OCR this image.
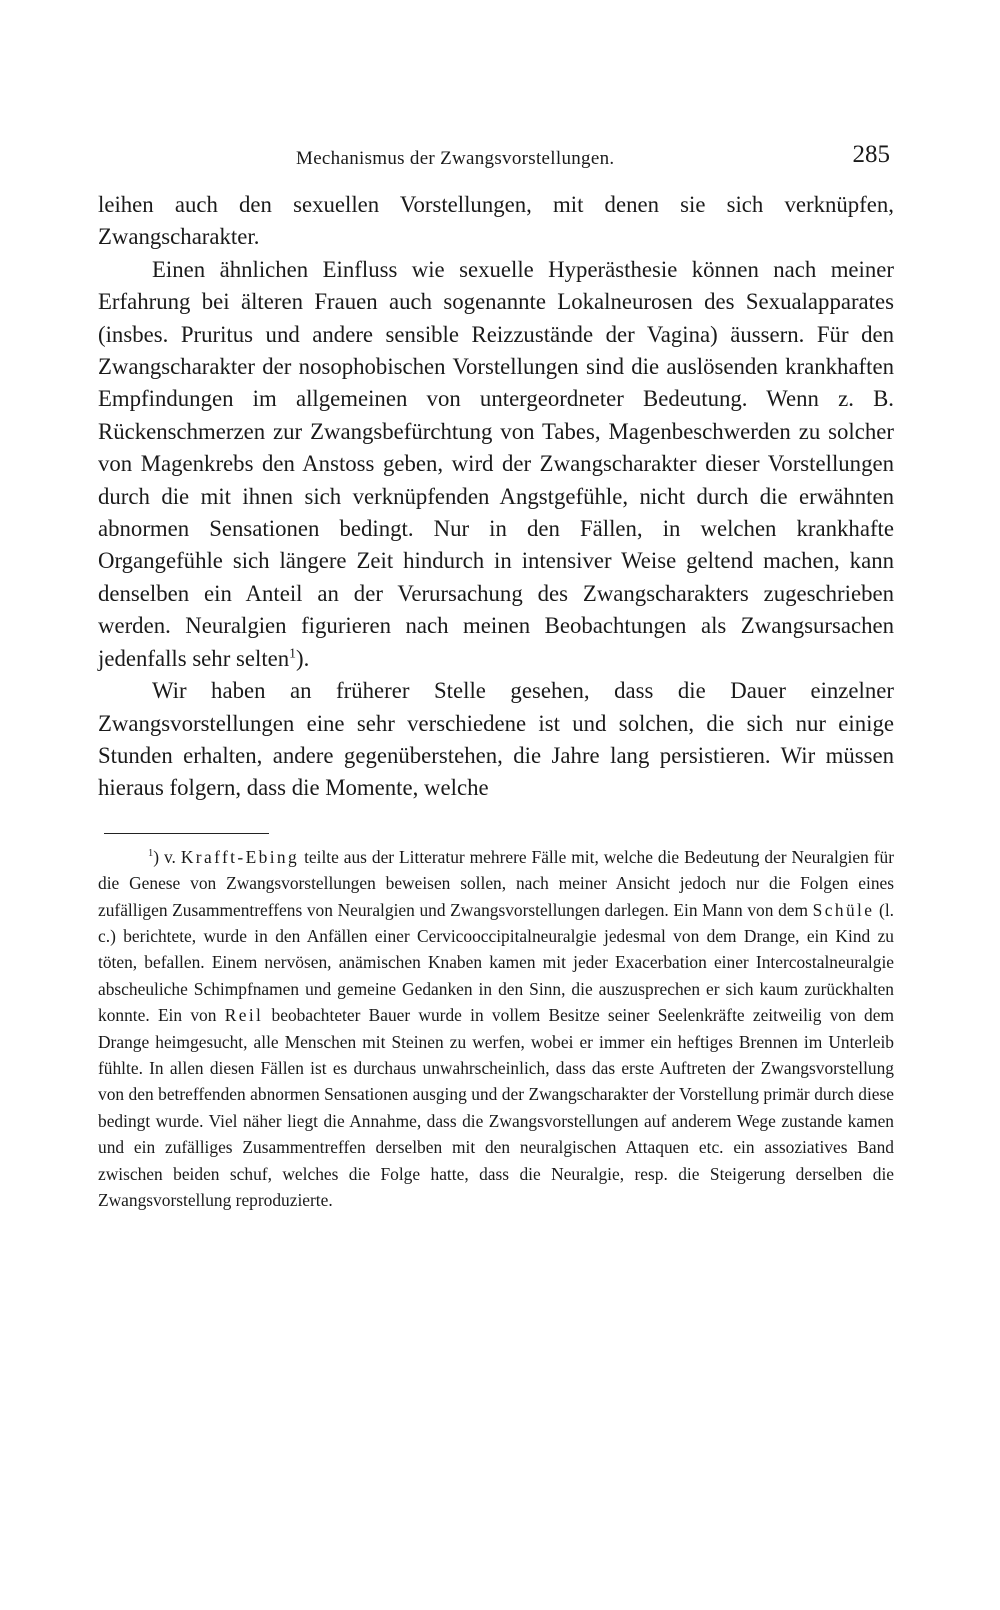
Mechanismus der Zwangsvorstellungen.	285

leihen auch den sexuellen Vorstellungen, mit denen sie sich verknüpfen, Zwangscharakter.

Einen ähnlichen Einfluss wie sexuelle Hyperästhesie können nach meiner Erfahrung bei älteren Frauen auch sogenannte Lokalneurosen des Sexualapparates (insbes. Pruritus und andere sensible Reizzustände der Vagina) äussern. Für den Zwangscharakter der nosophobischen Vorstellungen sind die auslösenden krankhaften Empfindungen im allgemeinen von untergeordneter Bedeutung. Wenn z. B. Rückenschmerzen zur Zwangsbefürchtung von Tabes, Magenbeschwerden zu solcher von Magenkrebs den Anstoss geben, wird der Zwangscharakter dieser Vorstellungen durch die mit ihnen sich verknüpfenden Angstgefühle, nicht durch die erwähnten abnormen Sensationen bedingt. Nur in den Fällen, in welchen krankhafte Organgefühle sich längere Zeit hindurch in intensiver Weise geltend machen, kann denselben ein Anteil an der Verursachung des Zwangscharakters zugeschrieben werden. Neuralgien figurieren nach meinen Beobachtungen als Zwangsursachen jedenfalls sehr selten$^1$).

Wir haben an früherer Stelle gesehen, dass die Dauer einzelner Zwangsvorstellungen eine sehr verschiedene ist und solchen, die sich nur einige Stunden erhalten, andere gegenüberstehen, die Jahre lang persistieren. Wir müssen hieraus folgern, dass die Momente, welche

$^1$) v. Krafft-Ebing teilte aus der Litteratur mehrere Fälle mit, welche die Bedeutung der Neuralgien für die Genese von Zwangsvorstellungen beweisen sollen, nach meiner Ansicht jedoch nur die Folgen eines zufälligen Zusammentreffens von Neuralgien und Zwangsvorstellungen darlegen. Ein Mann von dem Schüle (l. c.) berichtete, wurde in den Anfällen einer Cervicooccipitalneuralgie jedesmal von dem Drange, ein Kind zu töten, befallen. Einem nervösen, anämischen Knaben kamen mit jeder Exacerbation einer Intercostalneuralgie abscheuliche Schimpfnamen und gemeine Gedanken in den Sinn, die auszusprechen er sich kaum zurückhalten konnte. Ein von Reil beobachteter Bauer wurde in vollem Besitze seiner Seelenkräfte zeitweilig von dem Drange heimgesucht, alle Menschen mit Steinen zu werfen, wobei er immer ein heftiges Brennen im Unterleib fühlte. In allen diesen Fällen ist es durchaus unwahrscheinlich, dass das erste Auftreten der Zwangsvorstellung von den betreffenden abnormen Sensationen ausging und der Zwangscharakter der Vorstellung primär durch diese bedingt wurde. Viel näher liegt die Annahme, dass die Zwangsvorstellungen auf anderem Wege zustande kamen und ein zufälliges Zusammentreffen derselben mit den neuralgischen Attaquen etc. ein assoziatives Band zwischen beiden schuf, welches die Folge hatte, dass die Neuralgie, resp. die Steigerung derselben die Zwangsvorstellung reproduzierte.
